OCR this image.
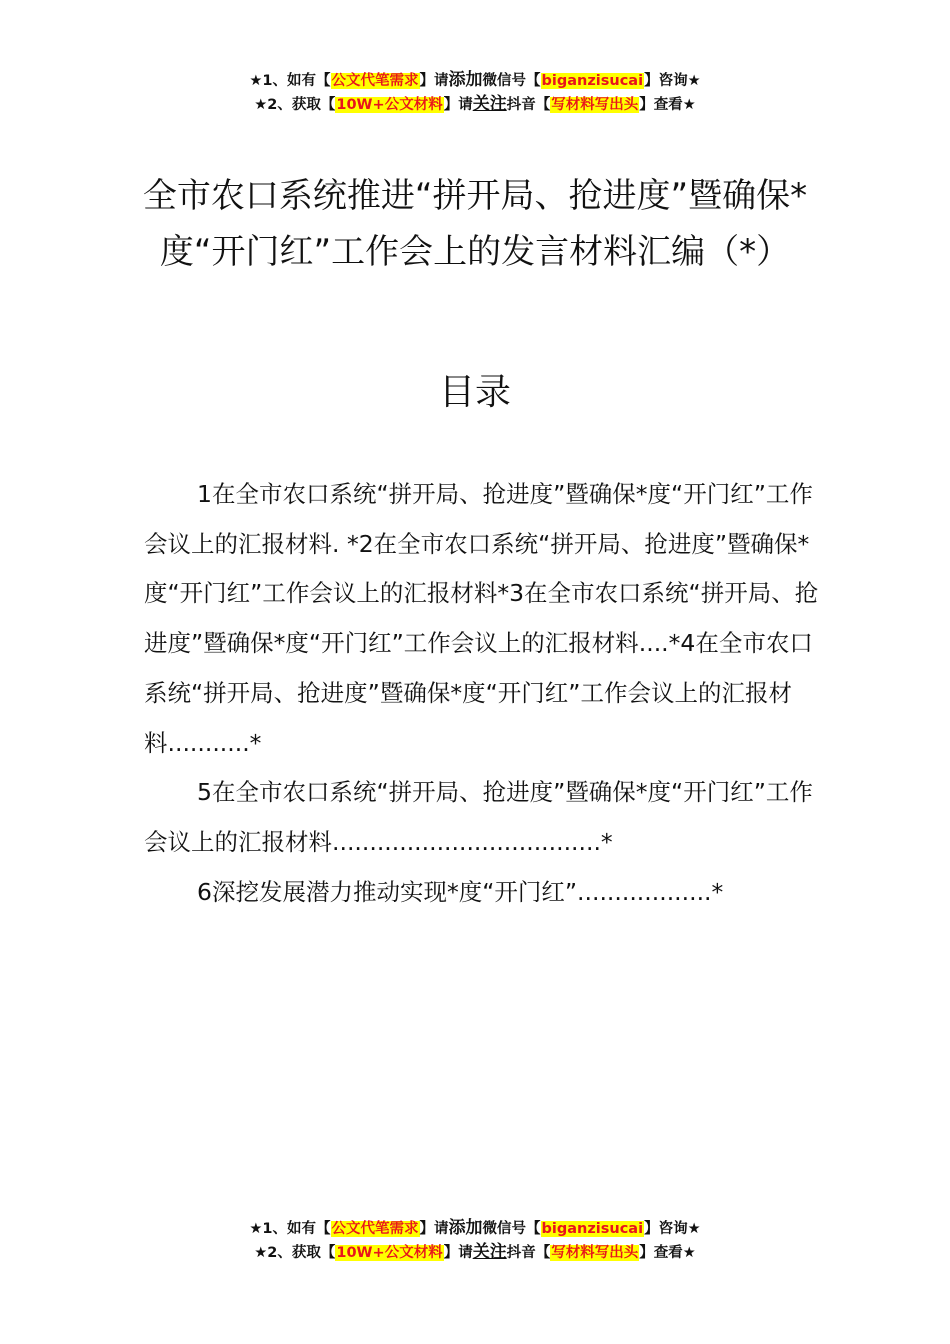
★1、如有【公文代笔需求】请添加微信号【biganzisucai】咨询★
★2、获取【10W+公文材料】请关注抖音【写材料写出头】查看★
全市农口系统推进“拼开局、抢进度”暨确保*度“开门红”工作会上的发言材料汇编（*）
目录

1在全市农口系统“拼开局、抢进度”暨确保*度“开门红”工作会议上的汇报材料. *2在全市农口系统“拼开局、抢进度”暨确保*度“开门红”工作会议上的汇报材料*3在全市农口系统“拼开局、抢进度”暨确保*度“开门红”工作会议上的汇报材料....*4在全市农口系统“拼开局、抢进度”暨确保*度“开门红”工作会议上的汇报材料...........*

5在全市农口系统“拼开局、抢进度”暨确保*度“开门红”工作会议上的汇报材料....................................*

6深挖发展潜力推动实现*度“开门红”..................*

★1、如有【公文代笔需求】请添加微信号【biganzisucai】咨询★
★2、获取【10W+公文材料】请关注抖音【写材料写出头】查看★
